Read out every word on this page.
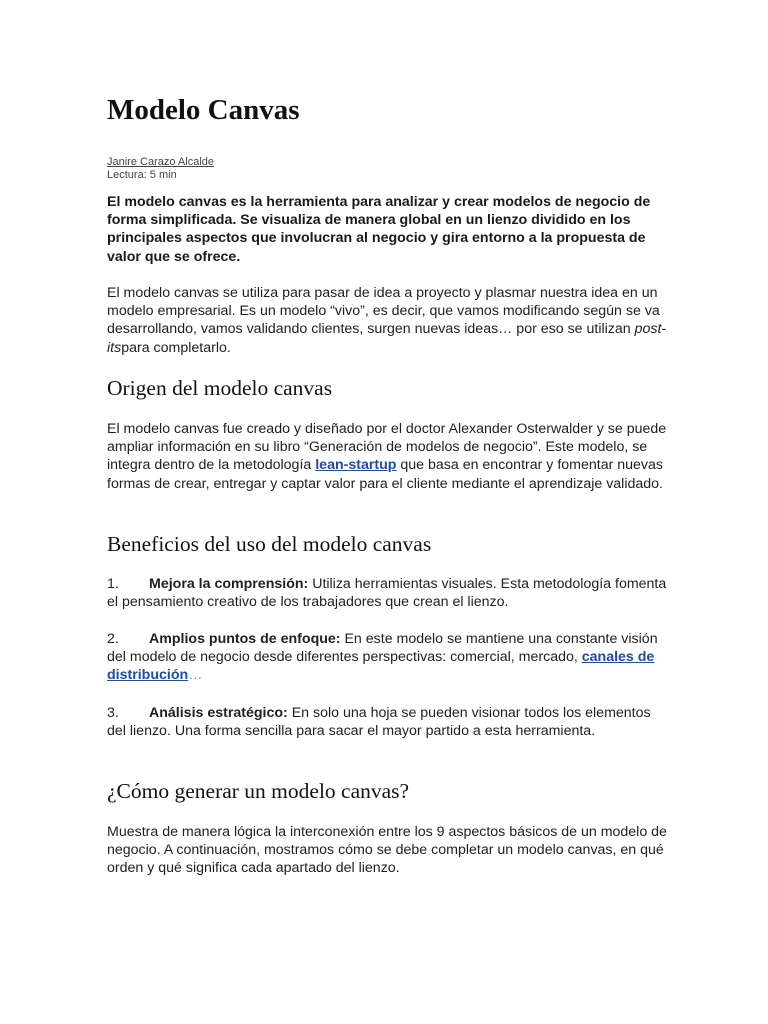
Modelo Canvas
Janire Carazo Alcalde
Lectura: 5 min

El modelo canvas es la herramienta para analizar y crear modelos de negocio de forma simplificada. Se visualiza de manera global en un lienzo dividido en los principales aspectos que involucran al negocio y gira entorno a la propuesta de valor que se ofrece.

El modelo canvas se utiliza para pasar de idea a proyecto y plasmar nuestra idea en un modelo empresarial. Es un modelo “vivo”, es decir, que vamos modificando según se va desarrollando, vamos validando clientes, surgen nuevas ideas… por eso se utilizan post-itspara completarlo.

Origen del modelo canvas

El modelo canvas fue creado y diseñado por el doctor Alexander Osterwalder y se puede ampliar información en su libro “Generación de modelos de negocio”. Este modelo, se integra dentro de la metodología lean-startup que basa en encontrar y fomentar nuevas formas de crear, entregar y captar valor para el cliente mediante el aprendizaje validado.

Beneficios del uso del modelo canvas

1. Mejora la comprensión: Utiliza herramientas visuales. Esta metodología fomenta el pensamiento creativo de los trabajadores que crean el lienzo.

2. Amplios puntos de enfoque: En este modelo se mantiene una constante visión del modelo de negocio desde diferentes perspectivas: comercial, mercado, canales de distribución…

3. Análisis estratégico: En solo una hoja se pueden visionar todos los elementos del lienzo. Una forma sencilla para sacar el mayor partido a esta herramienta.

¿Cómo generar un modelo canvas?

Muestra de manera lógica la interconexión entre los 9 aspectos básicos de un modelo de negocio. A continuación, mostramos cómo se debe completar un modelo canvas, en qué orden y qué significa cada apartado del lienzo.
